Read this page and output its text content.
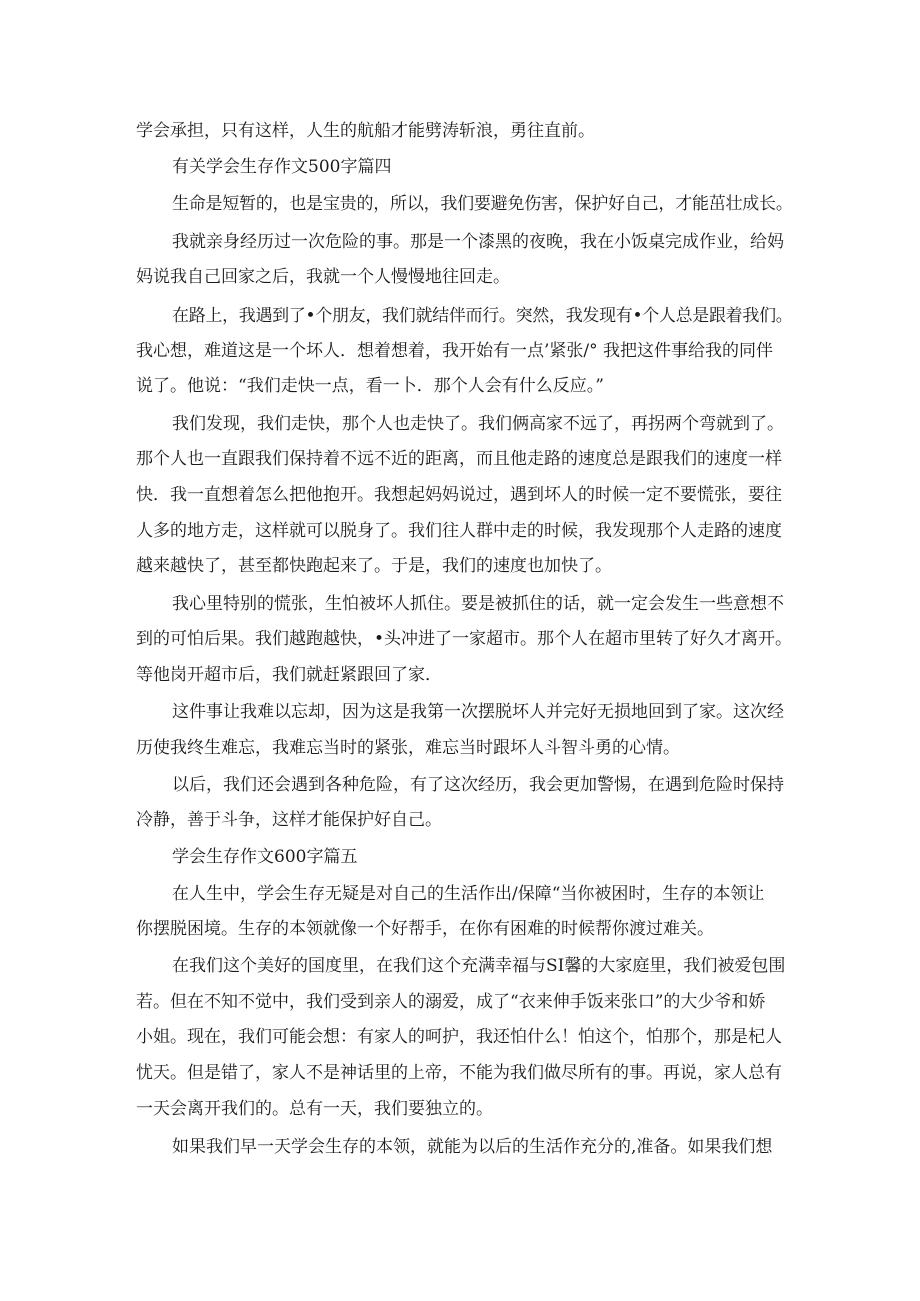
学会承担，只有这样，人生的航船才能劈涛斩浪，勇往直前。
有关学会生存作文500字篇四
生命是短暂的，也是宝贵的，所以，我们要避免伤害，保护好自己，才能茁壮成长。
我就亲身经历过一次危险的事。那是一个漆黑的夜晚，我在小饭桌完成作业，给妈
妈说我自己回家之后，我就一个人慢慢地往回走。
在路上，我遇到了•个朋友，我们就结伴而行。突然，我发现有•个人总是跟着我们。
我心想，难道这是一个坏人．想着想着，我开始有一点’紧张/° 我把这件事给我的同伴
说了。他说：“我们走快一点，看一卜．那个人会有什么反应。”
我们发现，我们走快，那个人也走快了。我们俩高家不远了，再拐两个弯就到了。
那个人也一直跟我们保持着不远不近的距离，而且他走路的速度总是跟我们的速度一样
快．我一直想着怎么把他抱开。我想起妈妈说过，遇到坏人的时候一定不要慌张，要往
人多的地方走，这样就可以脱身了。我们往人群中走的时候，我发现那个人走路的速度
越来越快了，甚至都快跑起来了。于是，我们的速度也加快了。
我心里特别的慌张，生怕被坏人抓住。要是被抓住的话，就一定会发生一些意想不
到的可怕后果。我们越跑越快，•头冲进了一家超市。那个人在超市里转了好久才离开。
等他岗开超市后，我们就赶紧跟回了家．
这件事让我难以忘却，因为这是我第一次摆脱坏人并完好无损地回到了家。这次经
历使我终生难忘，我难忘当时的紧张，难忘当时跟坏人斗智斗勇的心情。
以后，我们还会遇到各种危险，有了这次经历，我会更加警惕，在遇到危险时保持
冷静，善于斗争，这样才能保护好自己。
学会生存作文600字篇五
在人生中，学会生存无疑是对自己的生活作出/保障“当你被困时，生存的本领让
你摆脱困境。生存的本领就像一个好帮手，在你有困难的时候帮你渡过难关。
在我们这个美好的国度里，在我们这个充满幸福与SI馨的大家庭里，我们被爱包围
若。但在不知不觉中，我们受到亲人的溺爱，成了“衣来伸手饭来张口”的大少爷和娇
小姐。现在，我们可能会想：有家人的呵护，我还怕什么！怕这个，怕那个，那是杞人
忧天。但是错了，家人不是神话里的上帝，不能为我们做尽所有的事。再说，家人总有
一天会离开我们的。总有一天，我们要独立的。
如果我们早一天学会生存的本领，就能为以后的生活作充分的,准备。如果我们想
